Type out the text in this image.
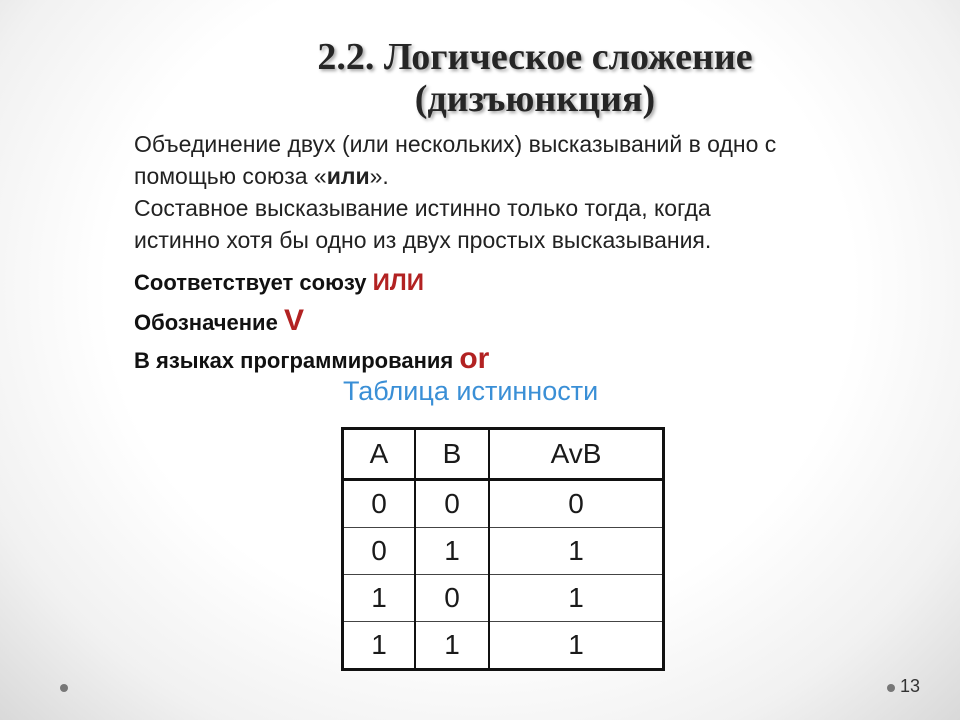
2.2. Логическое сложение
(дизъюнкция)
Объединение двух (или нескольких) высказываний в одно с
помощью союза «или».
Составное высказывание истинно только тогда, когда
истинно хотя бы одно из двух простых высказывания.
Соответствует союзу ИЛИ
Обозначение V
В языках программирования or
Таблица истинности
A	B	AvB
0	0	0
0	1	1
1	0	1
1	1	1
13
